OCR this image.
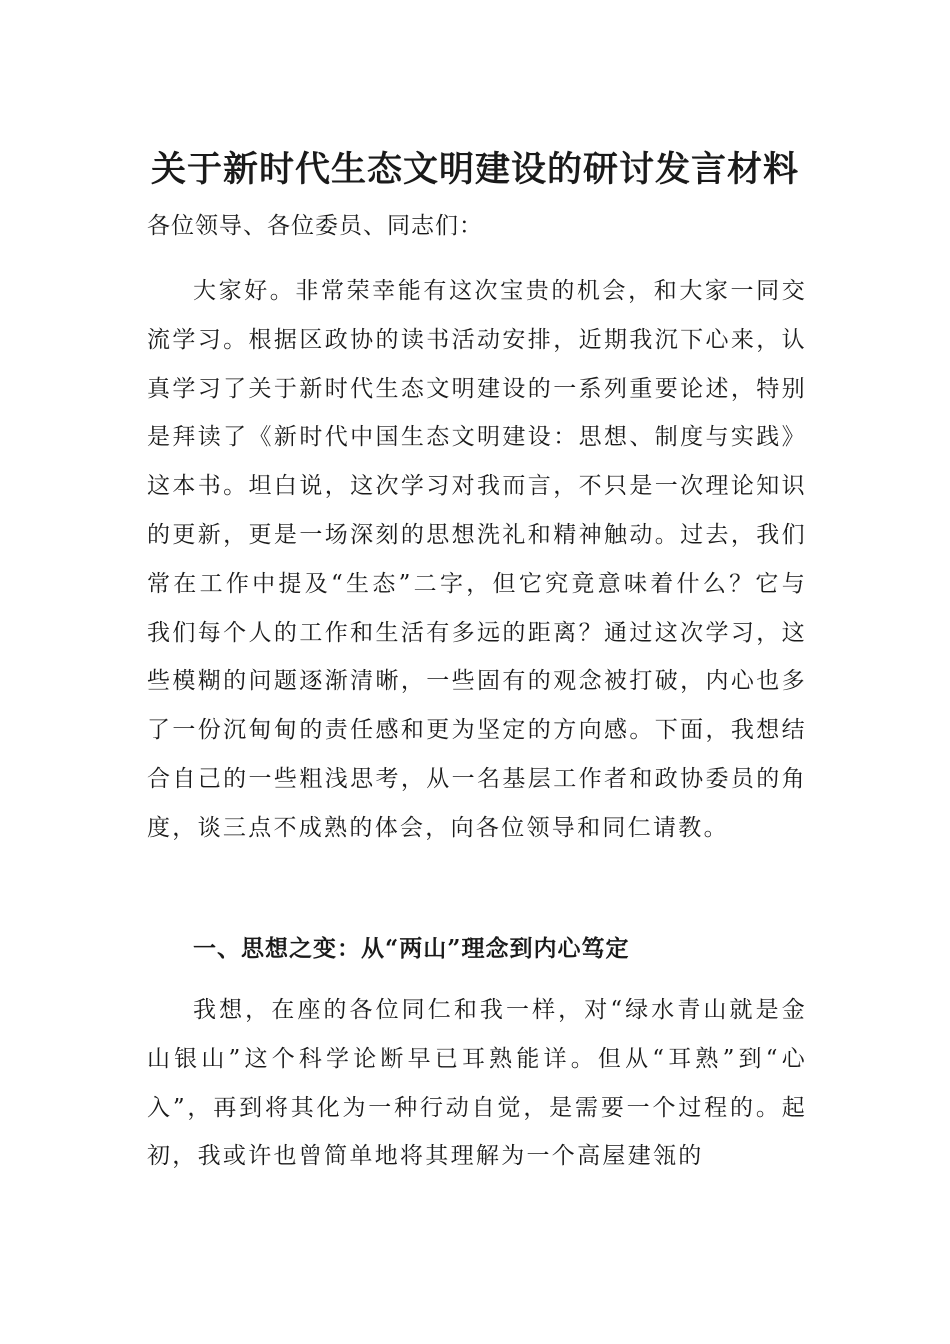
关于新时代生态文明建设的研讨发言材料

各位领导、各位委员、同志们：

大家好。非常荣幸能有这次宝贵的机会，和大家一同交流学习。根据区政协的读书活动安排，近期我沉下心来，认真学习了关于新时代生态文明建设的一系列重要论述，特别是拜读了《新时代中国生态文明建设：思想、制度与实践》这本书。坦白说，这次学习对我而言，不只是一次理论知识的更新，更是一场深刻的思想洗礼和精神触动。过去，我们常在工作中提及“生态”二字，但它究竟意味着什么？它与我们每个人的工作和生活有多远的距离？通过这次学习，这些模糊的问题逐渐清晰，一些固有的观念被打破，内心也多了一份沉甸甸的责任感和更为坚定的方向感。下面，我想结合自己的一些粗浅思考，从一名基层工作者和政协委员的角度，谈三点不成熟的体会，向各位领导和同仁请教。

一、思想之变：从“两山”理念到内心笃定

我想，在座的各位同仁和我一样，对“绿水青山就是金山银山”这个科学论断早已耳熟能详。但从“耳熟”到“心入”，再到将其化为一种行动自觉，是需要一个过程的。起初，我或许也曾简单地将其理解为一个高屋建瓴的
